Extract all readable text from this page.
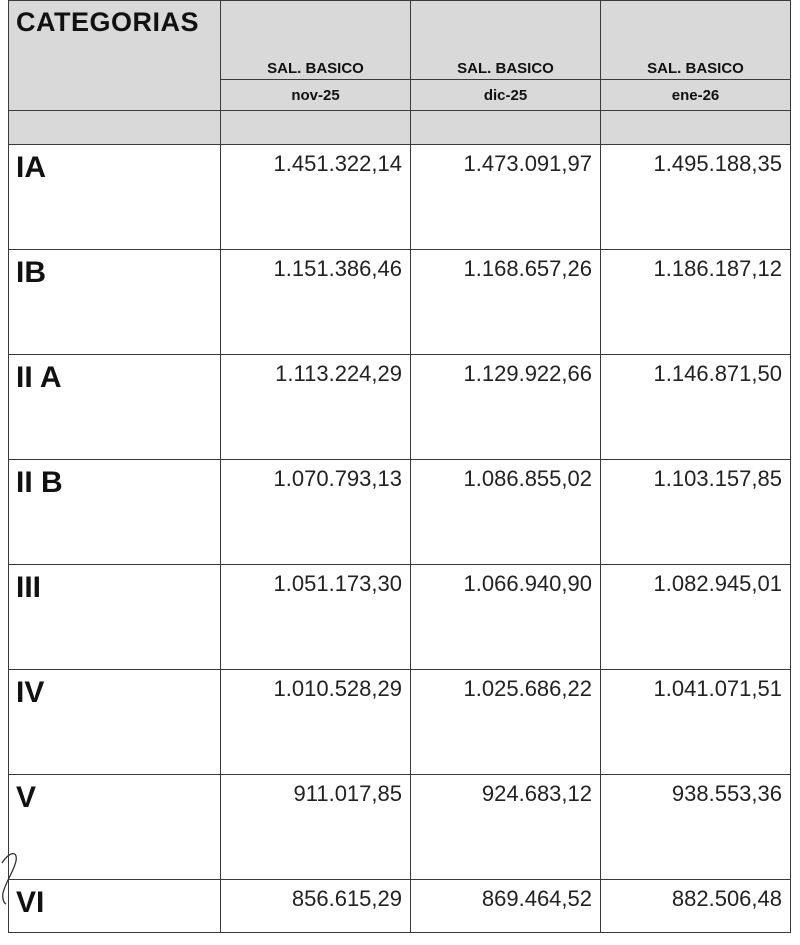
CATEGORIAS	SAL. BASICO	SAL. BASICO	SAL. BASICO

	nov-25	dic-25	ene-26

IA	1.451.322,14	1.473.091,97	1.495.188,35

IB	1.151.386,46	1.168.657,26	1.186.187,12

II A	1.113.224,29	1.129.922,66	1.146.871,50

II B	1.070.793,13	1.086.855,02	1.103.157,85

III	1.051.173,30	1.066.940,90	1.082.945,01

IV	1.010.528,29	1.025.686,22	1.041.071,51

V	911.017,85	924.683,12	938.553,36

VI	856.615,29	869.464,52	882.506,48
